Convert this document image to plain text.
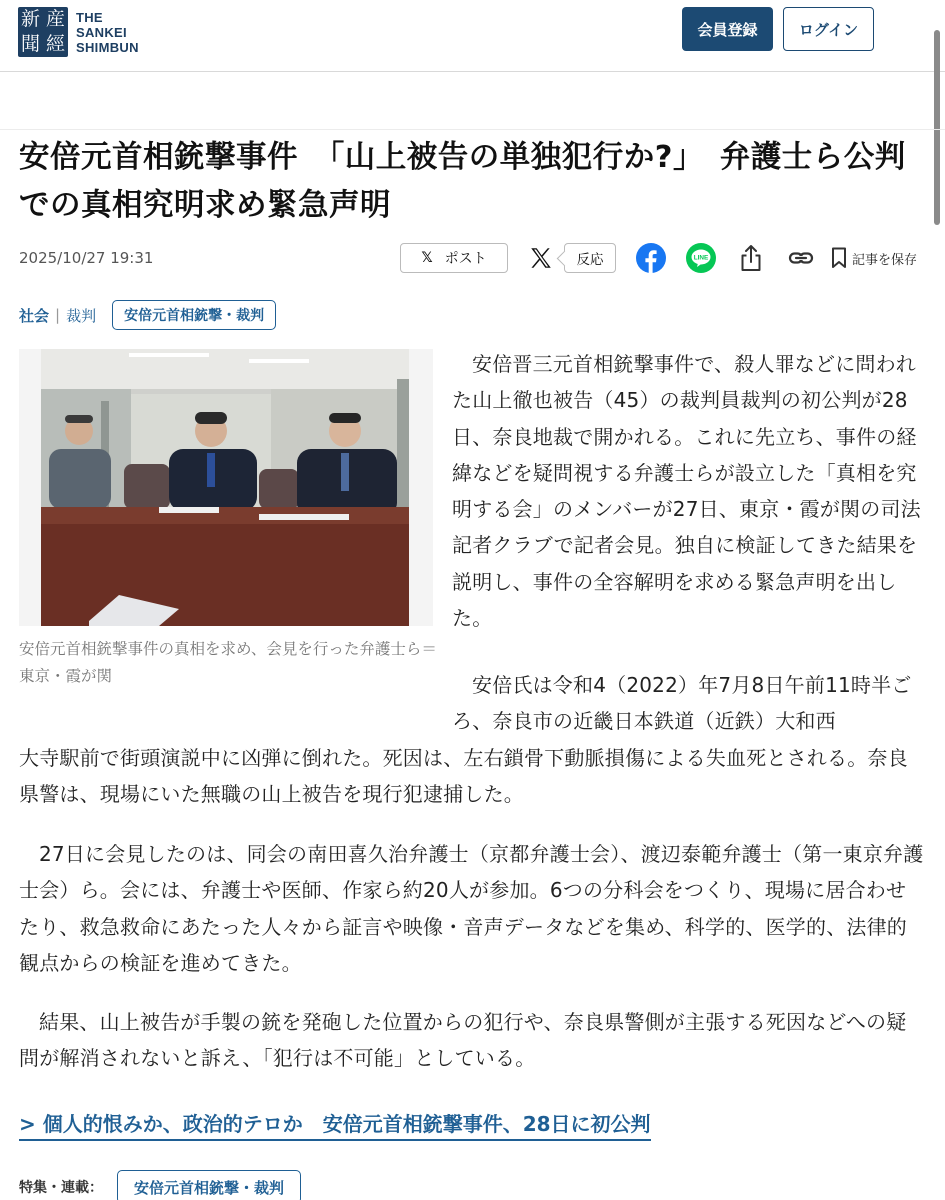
新 産
聞 經
THE
SANKEI
SHIMBUN
会員登録	ログイン
安倍元首相銃撃事件　「山上被告の単独犯行か?」　弁護士ら公判での真相究明求め緊急声明
2025/10/27 19:31	𝕏 ポスト	反応	LINE	記事を保存
社会 | 裁判	安倍元首相銃撃・裁判
安倍元首相銃撃事件の真相を求め、会見を行った弁護士ら＝東京・霞が関

安倍晋三元首相銃撃事件で、殺人罪などに問われた山上徹也被告（45）の裁判員裁判の初公判が28日、奈良地裁で開かれる。これに先立ち、事件の経緯などを疑問視する弁護士らが設立した「真相を究明する会」のメンバーが27日、東京・霞が関の司法記者クラブで記者会見。独自に検証してきた結果を説明し、事件の全容解明を求める緊急声明を出した。

安倍氏は令和4（2022）年7月8日午前11時半ごろ、奈良市の近畿日本鉄道（近鉄）大和西
大寺駅前で街頭演説中に凶弾に倒れた。死因は、左右鎖骨下動脈損傷による失血死とされる。奈良県警は、現場にいた無職の山上被告を現行犯逮捕した。

27日に会見したのは、同会の南田喜久治弁護士（京都弁護士会）、渡辺泰範弁護士（第一東京弁護士会）ら。会には、弁護士や医師、作家ら約20人が参加。6つの分科会をつくり、現場に居合わせたり、救急救命にあたった人々から証言や映像・音声データなどを集め、科学的、医学的、法律的観点からの検証を進めてきた。

結果、山上被告が手製の銃を発砲した位置からの犯行や、奈良県警側が主張する死因などへの疑問が解消されないと訴え、「犯行は不可能」としている。

> 個人的恨みか、政治的テロか　安倍元首相銃撃事件、28日に初公判
特集・連載：	安倍元首相銃撃・裁判
